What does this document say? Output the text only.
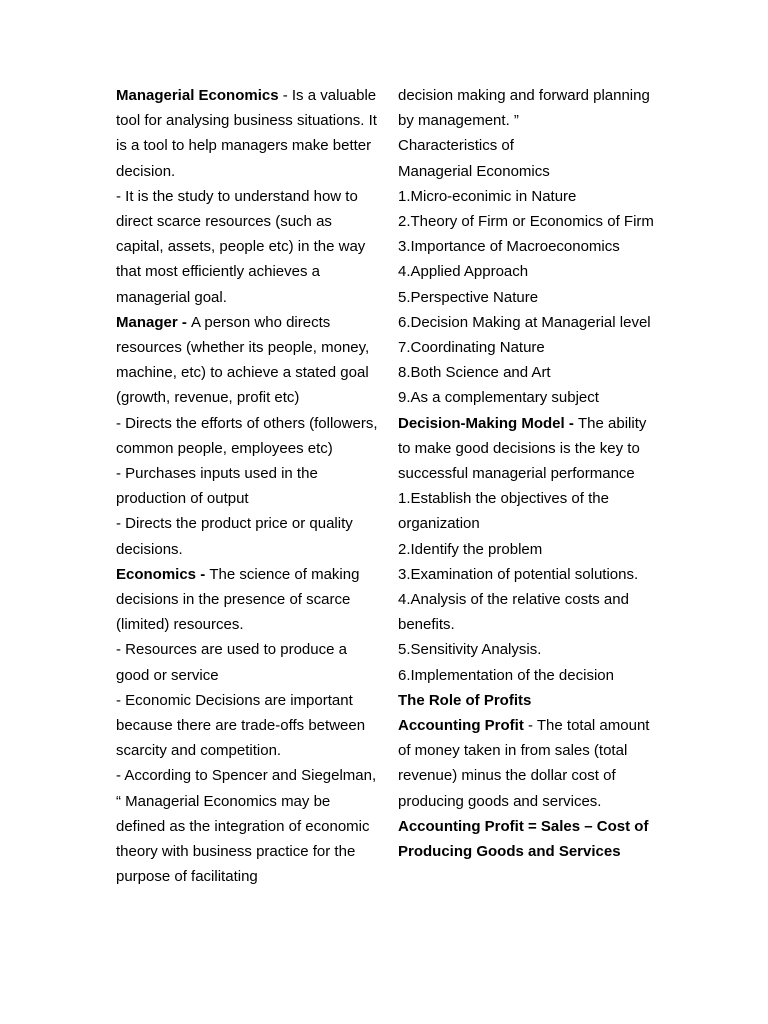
Managerial Economics - Is a valuable tool for analysing business situations. It is a tool to help managers make better decision.

- It is the study to understand how to direct scarce resources (such as capital, assets, people etc) in the way that most efficiently achieves a managerial goal.

Manager - A person who directs resources (whether its people, money, machine, etc) to achieve a stated goal (growth, revenue, profit etc)

- Directs the efforts of others (followers, common people, employees etc)

- Purchases inputs used in the production of output

- Directs the product price or quality decisions.

Economics - The science of making decisions in the presence of scarce (limited) resources.

- Resources are used to produce a good or service

- Economic Decisions are important because there are trade-offs between scarcity and competition.

- According to Spencer and Siegelman, “ Managerial Economics may be defined as the integration of economic theory with business practice for the purpose of facilitating

decision making and forward planning by management. ”

Characteristics of

Managerial Economics

1.Micro-econimic in Nature

2.Theory of Firm or Economics of Firm

3.Importance of Macroeconomics

4.Applied Approach

5.Perspective Nature

6.Decision Making at Managerial level

7.Coordinating Nature

8.Both Science and Art

9.As a complementary subject

Decision-Making Model - The ability to make good decisions is the key to successful managerial performance

1.Establish the objectives of the organization

2.Identify the problem

3.Examination of potential solutions.

4.Analysis of the relative costs and benefits.

5.Sensitivity Analysis.

6.Implementation of the decision

The Role of Profits

Accounting Profit - The total amount of money taken in from sales (total revenue) minus the dollar cost of producing goods and services.

Accounting Profit = Sales – Cost of Producing Goods and Services
